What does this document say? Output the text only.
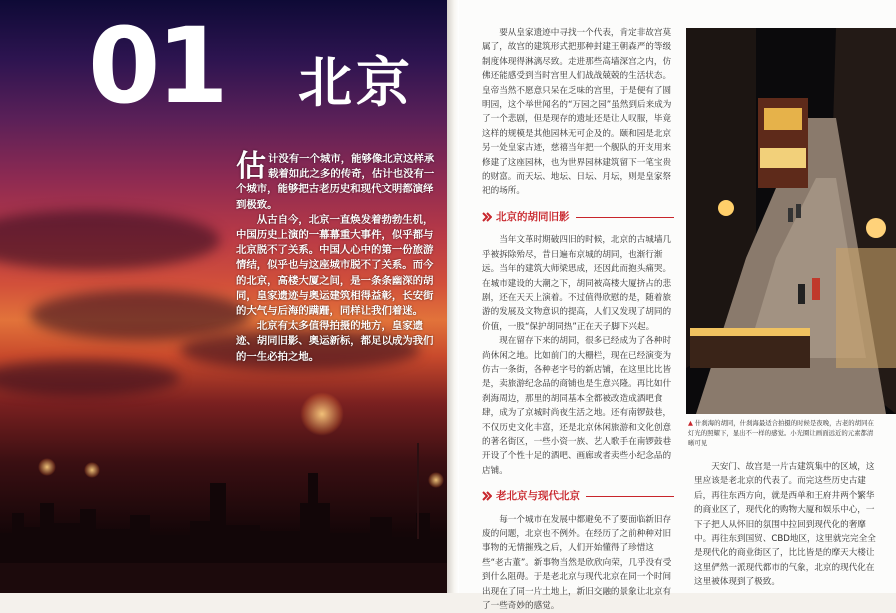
01 北京

估计没有一个城市，能够像北京这样承载着如此之多的传奇，估计也没有一个城市，能够把古老历史和现代文明都演绎到极致。

从古自今，北京一直焕发着勃勃生机，中国历史上演的一幕幕重大事件，似乎都与北京脱不了关系。中国人心中的第一份旅游情结，似乎也与这座城市脱不了关系。而今的北京，高楼大厦之间，是一条条幽深的胡同，皇家遗迹与奥运建筑相得益彰，长安街的大气与后海的蹒跚，同样让我们着迷。

北京有太多值得拍摄的地方，皇家遗迹、胡同旧影、奥运新标，都足以成为我们的一生必拍之地。

要从皇家遗迹中寻找一个代表，肯定非故宫莫属了，故宫的建筑形式把那种封建王朝森严的等级制度体现得淋漓尽致。走进那些高墙深宫之内，仿佛还能感受到当时宫里人们战战兢兢的生活状态。皇帝当然不愿意只呆在乏味的宫里，于是便有了圆明园，这个举世闻名的“万园之园”虽然到后来成为了一个悲剧，但是现存的遗址还是让人叹服，毕竟这样的规模是其他园林无可企及的。颐和园是北京另一处皇家古迹，慈禧当年把一个舰队的开支用来修建了这座园林，也为世界园林建筑留下一笔宝贵的财富。而天坛、地坛、日坛、月坛，则是皇家祭祀的场所。

北京的胡同旧影

当年文革时期破四旧的时候，北京的古城墙几乎被拆除殆尽，昔日遍布京城的胡同，也渐行渐远。当年的建筑大师梁思成，还因此而抱头痛哭。在城市建设的大潮之下，胡同被高楼大厦挤占的悲剧，还在天天上演着。不过值得欣慰的是，随着旅游的发展及文物意识的提高，人们又发现了胡同的价值，一股“保护胡同热”正在天子脚下兴起。

现在留存下来的胡同，很多已经成为了各种时尚休闲之地。比如前门的大栅栏，现在已经演变为仿古一条街，各种老字号的新店铺，在这里比比皆是，卖旅游纪念品的商铺也是生意兴隆。再比如什刹海周边，那里的胡同基本全都被改造成酒吧食肆，成为了京城时尚夜生活之地。还有南锣鼓巷，不仅历史文化丰富，还是北京休闲旅游和文化创意的著名街区，一些小资一族、艺人歌手在南锣鼓巷开设了个性十足的酒吧、画廊或者卖些小纪念品的店铺。

老北京与现代北京

每一个城市在发展中都避免不了要面临新旧存废的问题，北京也不例外。在经历了之前种种对旧事物的无情摧残之后，人们开始懂得了珍惜这些“老古董”。新事物当然是欣欣向荣，几乎没有受到什么阻碍。于是老北京与现代北京在同一个时间出现在了同一片土地上，新旧交融的景象让北京有了一些奇妙的感觉。

▲ 什刹海的胡同，什刹海最适合拍摄的时候是夜晚，古老的胡同在灯光的照耀下，显出不一样的感觉。小光圈让画面远近的元素都清晰可见

天安门、故宫是一片古建筑集中的区域，这里应该是老北京的代表了。而完这些历史古建后，再往东西方向，就是西单和王府井两个繁华的商业区了，现代化的购物大厦和娱乐中心，一下子把人从怀旧的氛围中拉回到现代化的奢靡中。再往东到国贸、CBD地区，这里就完完全全是现代化的商业街区了，比比皆是的摩天大楼让这里俨然一派现代都市的气象，北京的现代化在这里被体现到了极致。
